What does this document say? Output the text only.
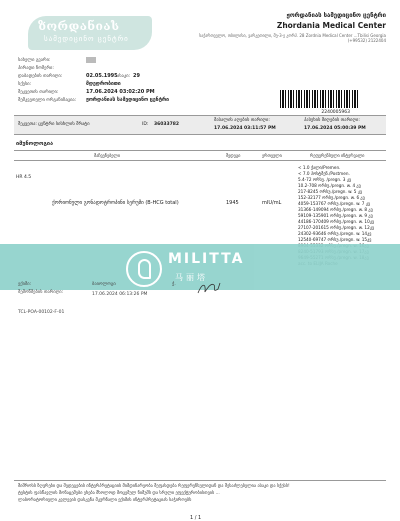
ზორდანიას
სამედიცინო ცენტრი
ჟორდანიას სამედიცინო ცენტრი
Zhordania Medical Center
საქართველო, თბილისი, ვარკეთილი, მე-3-ე კორპ. 28 Zordnia Medical Center ...Tbilisi Georgia
(+99532) 2122404
სახელი გვარი:
პირადი ნომერი:
დაბადების თარიღი:	02.05.1995 ასაკი: 29
სქესი:	მდედრობითი
შეკვეთის თარიღი:	17.06.2024 03:02:20 PM
შემკვეთელი ორგანიზაცია: ჟორდანიას სამედიცინო ცენტრი
2240005963
შეკვეთა: ცენტრი სისხლის შრატი	ID: 36033782
მასალის აღების თარიღი:
17.06.2024 03:11:57 PM
პასუხის მიღების თარიღი:
17.06.2024 05:00:39 PM
იმუნოლოგია
მაჩვენებელი	შედეგი	ერთეული	რეფერენსული ინტერვალი
HR 4.5
ქორიონული გონადოტროპინი სერუმი (B-HCG total)	1945	mIU/mL
< 1.0 ქალი/Premen.
< 7.0 პოსტმენ./Postmen.
5.4-72 ორსუ. /pregn. 3 კვ
10.2-708 ორსუ./pregn. w. 4 კვ
217-8245 ორსუ./pregn. w. 5 კვ
152-32177 ორსუ./pregn. w. 6 კვ
4059-153767 ორსუ./pregn. w. 7 კვ
31366-149094 ორსუ./pregn. w. 8 კვ
59109-135901 ორსუ./pregn. w. 9 კვ
44186-170409 ორსუ./pregn. w. 10კვ
27107-201615 ორსუ./pregn. w. 12კვ
24302-93646 ორსუ./pregn. w. 14კვ
12540-69747 ორსუ./pregn. w. 15კვ
MILITTA
马丽塔
ექიმი:
შემოწმების თარიღი:
ბაიოლოგი	ჭ.
17.06.2024 06:13:26 PM
TCL-POA-00102-F-01
შიშროსს ზღვრები და შედეგების ინტერპრეტაციის მიმდინარეობა შეფასდება რეფერენსულიდან და შესაძლებელია ასაკი და სქესს!
ტესტის ფასწავლის მონაცემები ეხება მხოლოდ მოცემულ ნიმუშს და სრული ეფექტურობისთვის ...
ლაბორატორიული კვლევის დასკვნა მკურნალი ექიმის ინტერპრეტაციას საჭიროებს
1 / 1
